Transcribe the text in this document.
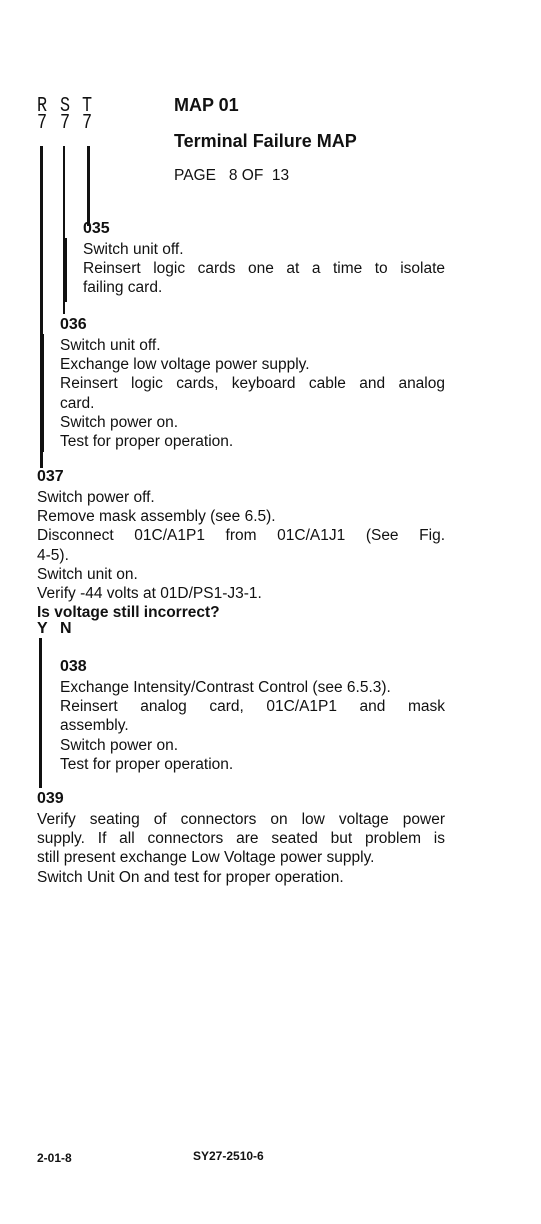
R S T
7 7 7
MAP 01
Terminal Failure MAP
PAGE   8 OF  13
035
Switch unit off.
Reinsert logic cards one at a time to isolate
failing card.
036
Switch unit off.
Exchange low voltage power supply.
Reinsert logic cards, keyboard cable and analog
card.
Switch power on.
Test for proper operation.
037
Switch power off.
Remove mask assembly (see 6.5).
Disconnect 01C/A1P1 from 01C/A1J1 (See Fig.
4-5).
Switch unit on.
Verify -44 volts at 01D/PS1-J3-1.
Is voltage still incorrect?
Y N
038
Exchange Intensity/Contrast Control (see 6.5.3).
Reinsert analog card, 01C/A1P1 and mask
assembly.
Switch power on.
Test for proper operation.
039
Verify seating of connectors on low voltage power
supply. If all connectors are seated but problem is
still present exchange Low Voltage power supply.
Switch Unit On and test for proper operation.
2-01-8	SY27-2510-6
